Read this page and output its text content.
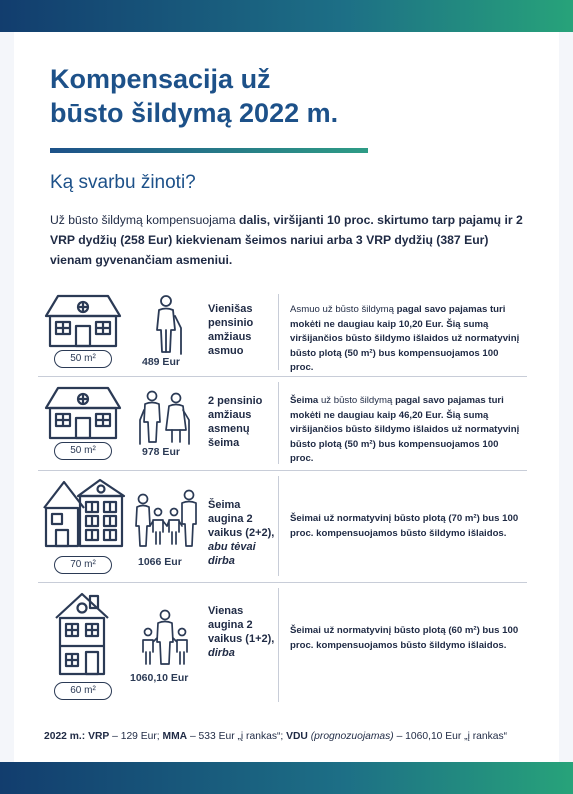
Kompensacija už
būsto šildymą 2022 m.
Ką svarbu žinoti?
Už būsto šildymą kompensuojama dalis, viršijanti 10 proc. skirtumo tarp pajamų ir 2 VRP dydžių (258 Eur) kiekvienam šeimos nariui arba 3 VRP dydžių (387 Eur) vienam gyvenančiam asmeniui.
50 m²	489 Eur
Vienišas pensinio amžiaus asmuo
Asmuo už būsto šildymą pagal savo pajamas turi mokėti ne daugiau kaip 10,20 Eur. Šią sumą viršijančios būsto šildymo išlaidos už normatyvinį būsto plotą (50 m²) bus kompensuojamos 100 proc.
50 m²	978 Eur
2 pensinio amžiaus asmenų šeima
Šeima už būsto šildymą pagal savo pajamas turi mokėti ne daugiau kaip 46,20 Eur. Šią sumą viršijančios būsto šildymo išlaidos už normatyvinį būsto plotą (50 m²) bus kompensuojamos 100 proc.
70 m²	1066 Eur
Šeima augina 2 vaikus (2+2), abu tėvai dirba
Šeimai už normatyvinį būsto plotą (70 m²) bus 100 proc. kompensuojamos būsto šildymo išlaidos.
60 m²
1060,10 Eur
Vienas augina 2 vaikus (1+2), dirba
Šeimai už normatyvinį būsto plotą (60 m²) bus 100 proc. kompensuojamos būsto šildymo išlaidos.
2022 m.: VRP – 129 Eur; MMA – 533 Eur „į rankas“; VDU (prognozuojamas) – 1060,10 Eur „į rankas“
